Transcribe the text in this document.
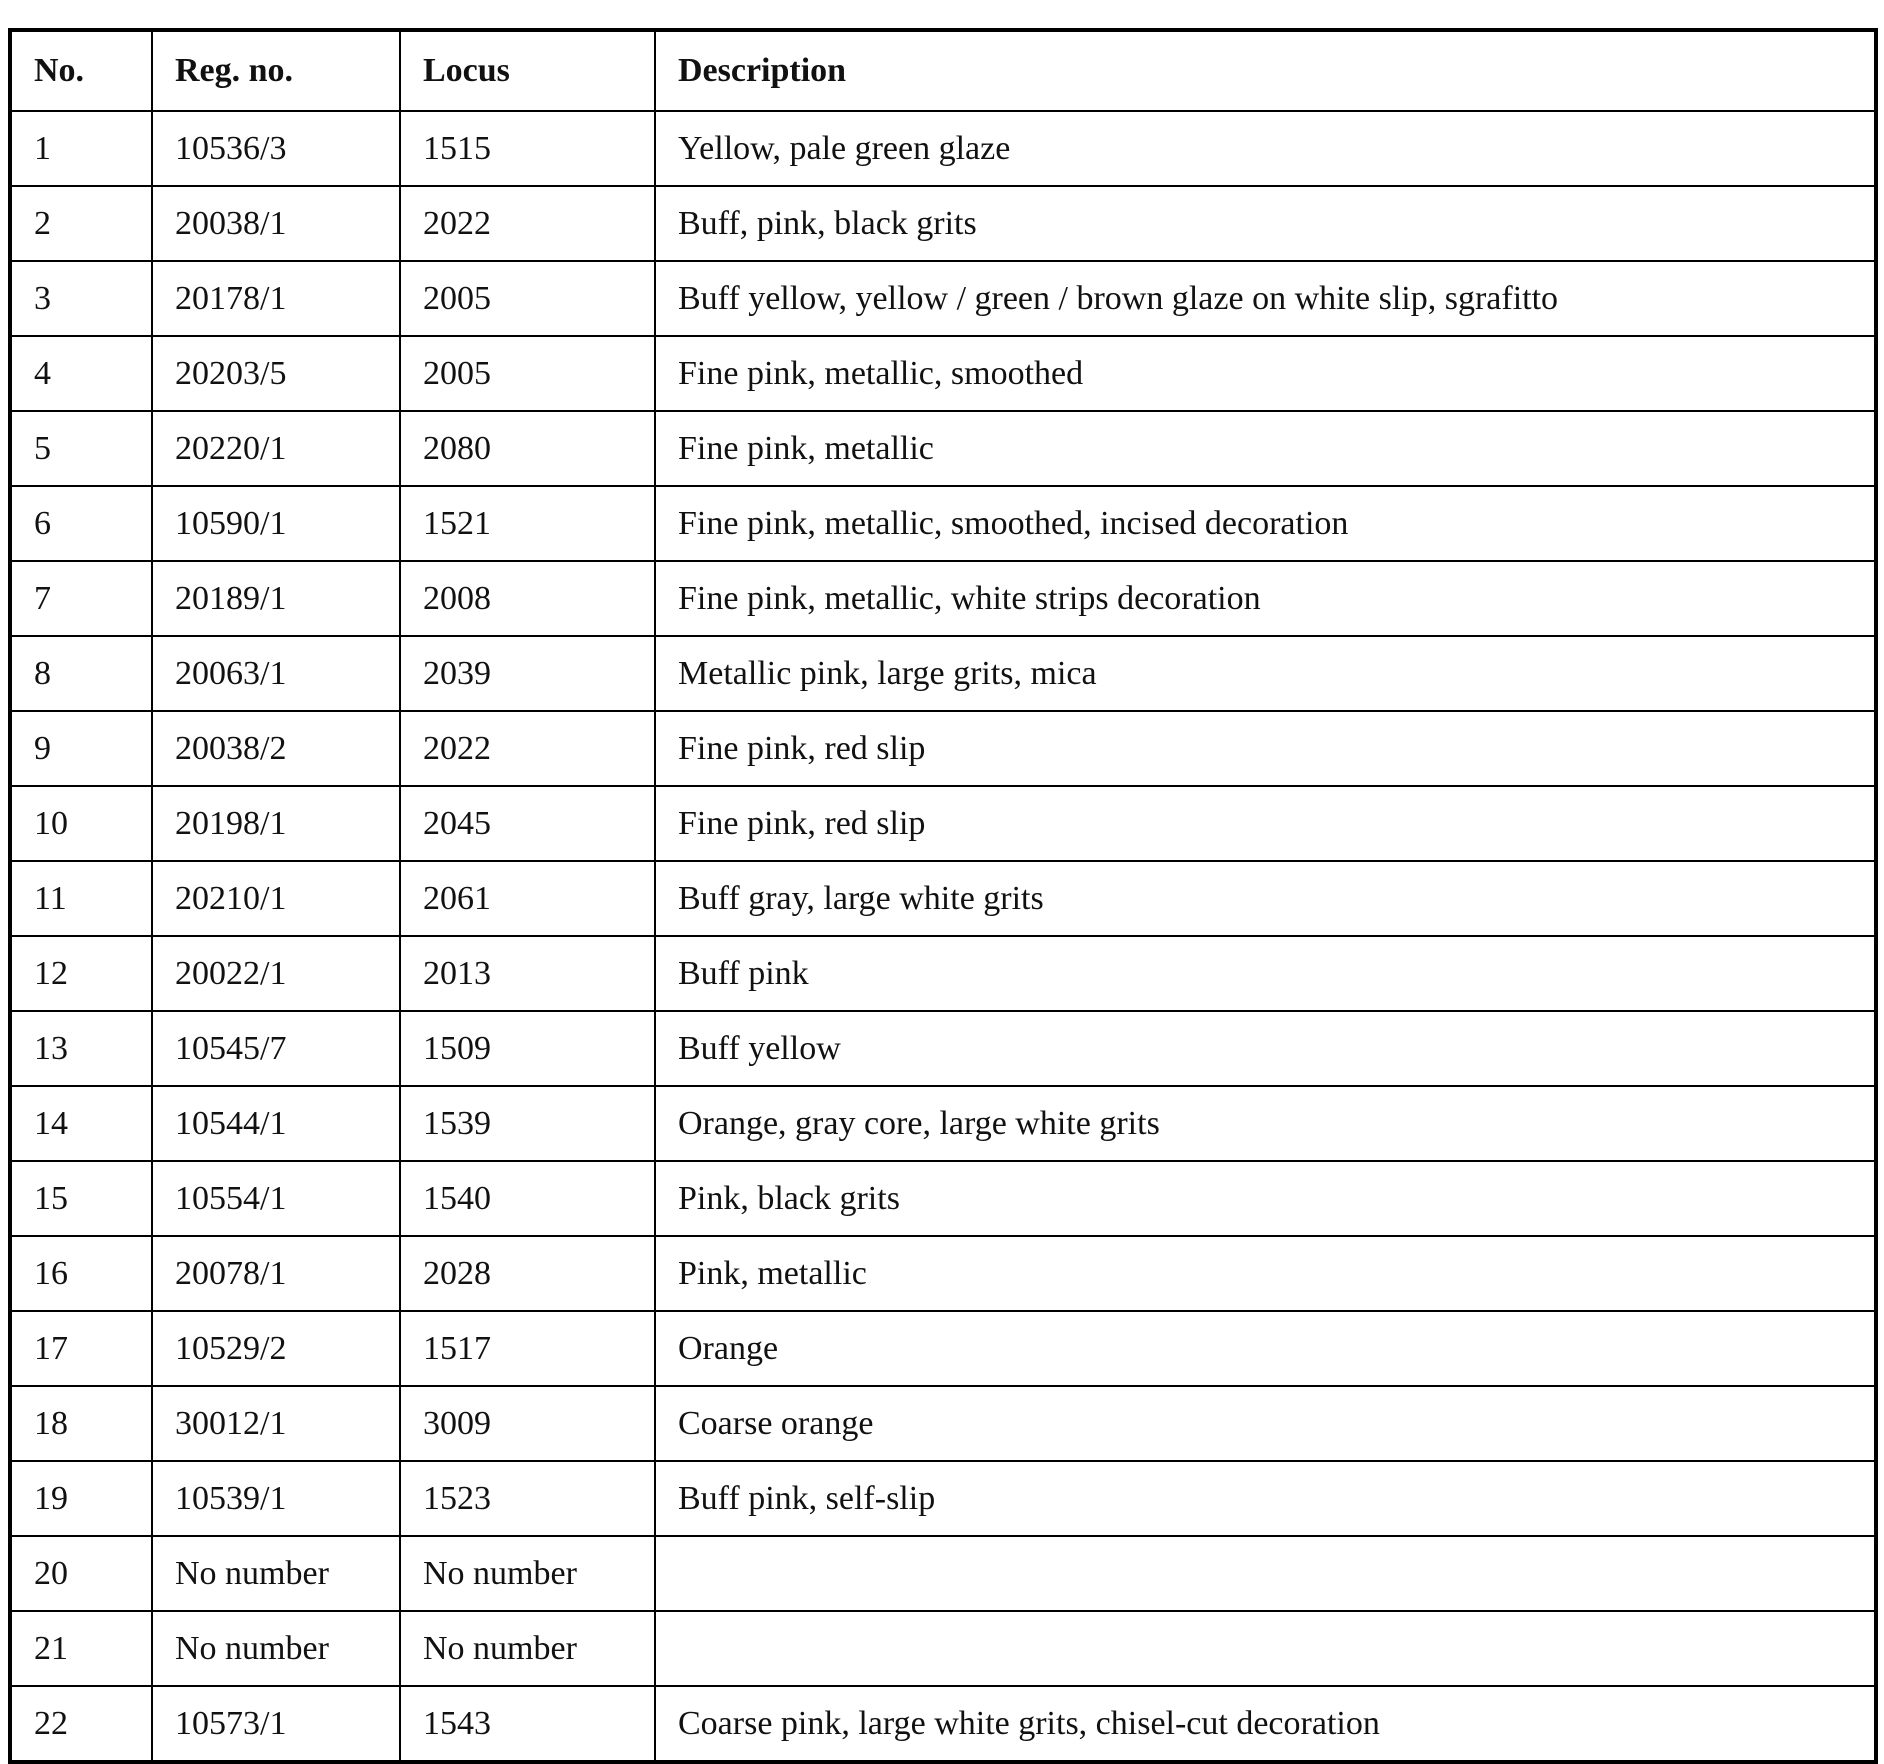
No.	Reg. no.	Locus	Description
1	10536/3	1515	Yellow, pale green glaze
2	20038/1	2022	Buff, pink, black grits
3	20178/1	2005	Buff yellow, yellow / green / brown glaze on white slip, sgrafitto
4	20203/5	2005	Fine pink, metallic, smoothed
5	20220/1	2080	Fine pink, metallic
6	10590/1	1521	Fine pink, metallic, smoothed, incised decoration
7	20189/1	2008	Fine pink, metallic, white strips decoration
8	20063/1	2039	Metallic pink, large grits, mica
9	20038/2	2022	Fine pink, red slip
10	20198/1	2045	Fine pink, red slip
11	20210/1	2061	Buff gray, large white grits
12	20022/1	2013	Buff pink
13	10545/7	1509	Buff yellow
14	10544/1	1539	Orange, gray core, large white grits
15	10554/1	1540	Pink, black grits
16	20078/1	2028	Pink, metallic
17	10529/2	1517	Orange
18	30012/1	3009	Coarse orange
19	10539/1	1523	Buff pink, self-slip
20	No number	No number	
21	No number	No number	
22	10573/1	1543	Coarse pink, large white grits, chisel-cut decoration
